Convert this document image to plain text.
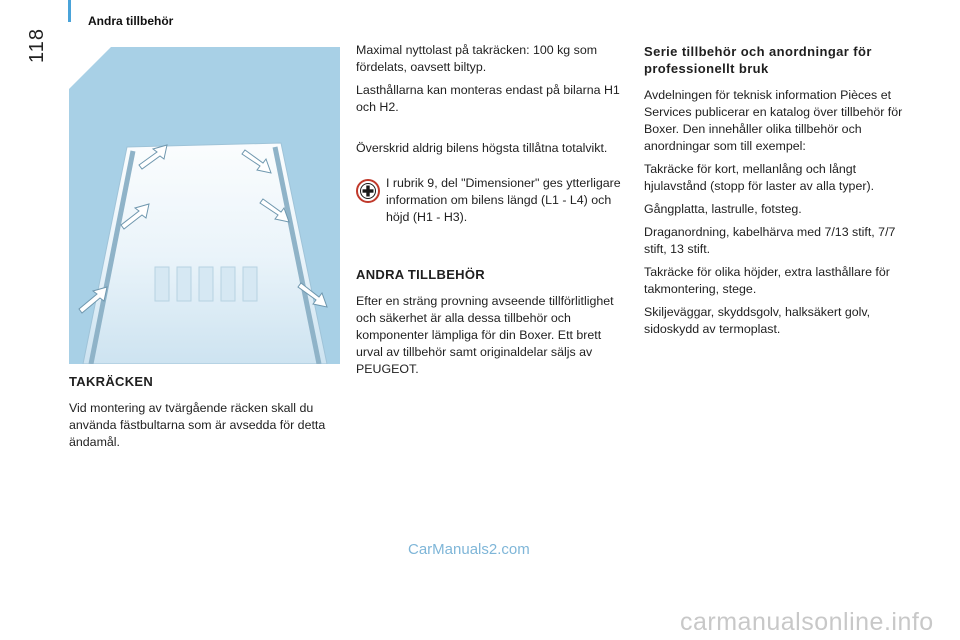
118
Andra tillbehör
TAKRÄCKEN

Vid montering av tvärgående räcken skall du använda fästbultarna som är avsedda för detta ändamål.

Maximal nyttolast på takräcken: 100 kg som fördelats, oavsett biltyp.

Lasthållarna kan monteras endast på bilarna H1 och H2.

Överskrid aldrig bilens högsta tillåtna totalvikt.

I rubrik 9, del "Dimensioner" ges ytterligare information om bilens längd (L1 - L4) och höjd (H1 - H3).

ANDRA TILLBEHÖR

Efter en sträng provning avseende tillförlitlighet och säkerhet är alla dessa tillbehör och komponenter lämpliga för din Boxer. Ett brett urval av tillbehör samt originaldelar säljs av PEUGEOT.

Serie tillbehör och anordningar för professionellt bruk

Avdelningen för teknisk information Pièces et Services publicerar en katalog över tillbehör för Boxer. Den innehåller olika tillbehör och anordningar som till exempel:

Takräcke för kort, mellanlång och långt hjulavstånd (stopp för laster av alla typer).

Gångplatta, lastrulle, fotsteg.

Draganordning, kabelhärva med 7/13 stift, 7/7 stift, 13 stift.

Takräcke för olika höjder, extra lasthållare för takmontering, stege.

Skiljeväggar, skyddsgolv, halksäkert golv, sidoskydd av termoplast.

CarManuals2.com
carmanualsonline.info
